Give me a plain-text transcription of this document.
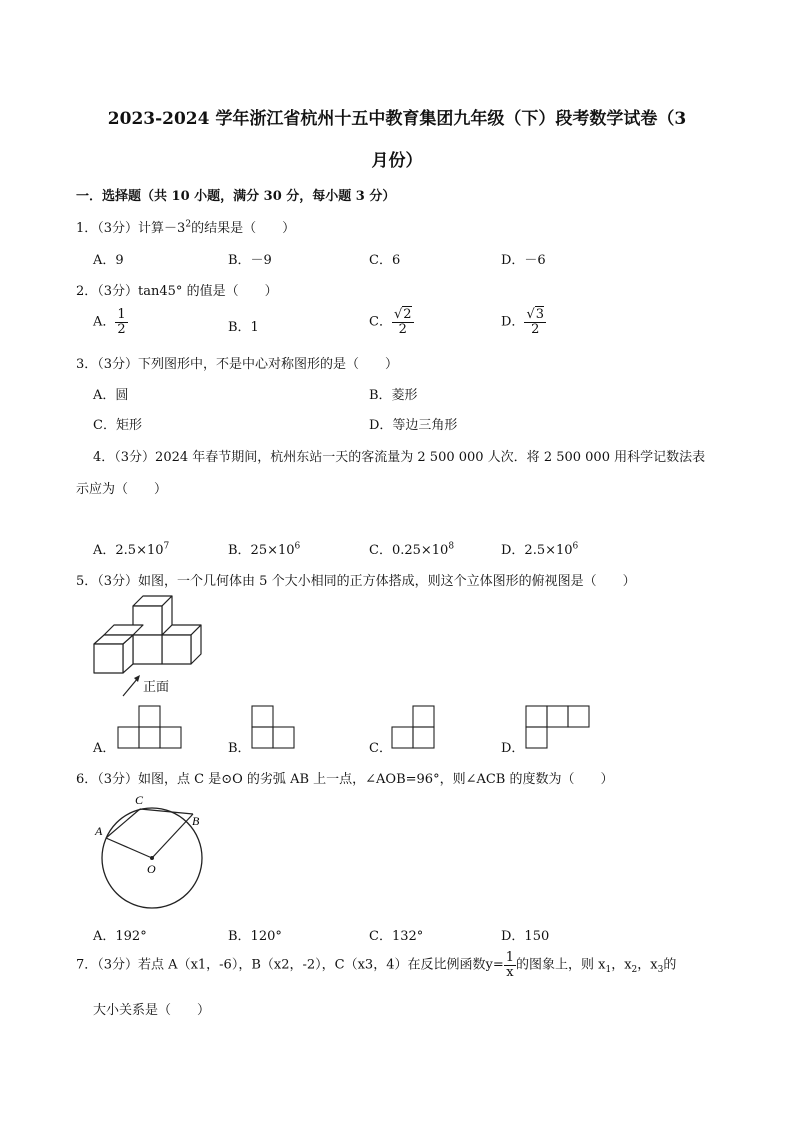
2023-2024 学年浙江省杭州十五中教育集团九年级（下）段考数学试卷（3
月份）
一．选择题（共 10 小题，满分 30 分，每小题 3 分）
1．（3分）计算$-3^2$的结果是（　　）
A．9	B．－9	C．6	D．－6
2．（3分）tan45° 的值是（　　）
A． $\frac{1}{2}$	B．1	C． $\frac{√2}{2}$	D． $\frac{√3}{2}$
3．（3分）下列图形中，不是中心对称图形的是（　　）
A．圆	B．菱形
C．矩形	D．等边三角形
4．（3分）2024 年春节期间，杭州东站一天的客流量为 2 500 000 人次．将 2 500 000 用科学记数法表
示应为（　　）
A．$2.5\times 10^7$	B．$25\times 10^6$	C．$0.25\times 10^8$	D．$2.5\times 10^6$
5．（3分）如图，一个几何体由 5 个大小相同的正方体搭成，则这个立体图形的俯视图是（　　）
正面
A．	B．	C．	D．
6．（3分）如图，点 C 是⊙O 的劣弧 AB 上一点，∠AOB=96°，则∠ACB 的度数为（　　）
A
C
B
O
A．192°	B．120°	C．132°	D．150
7．（3分）若点 A（x1，-6），B（x2，-2），C（x3，4）在反比例函数$y= \frac{1}{x}$ 的图象上，则 $x_1$，$x_2$，$x_3$的
大小关系是（　　）
